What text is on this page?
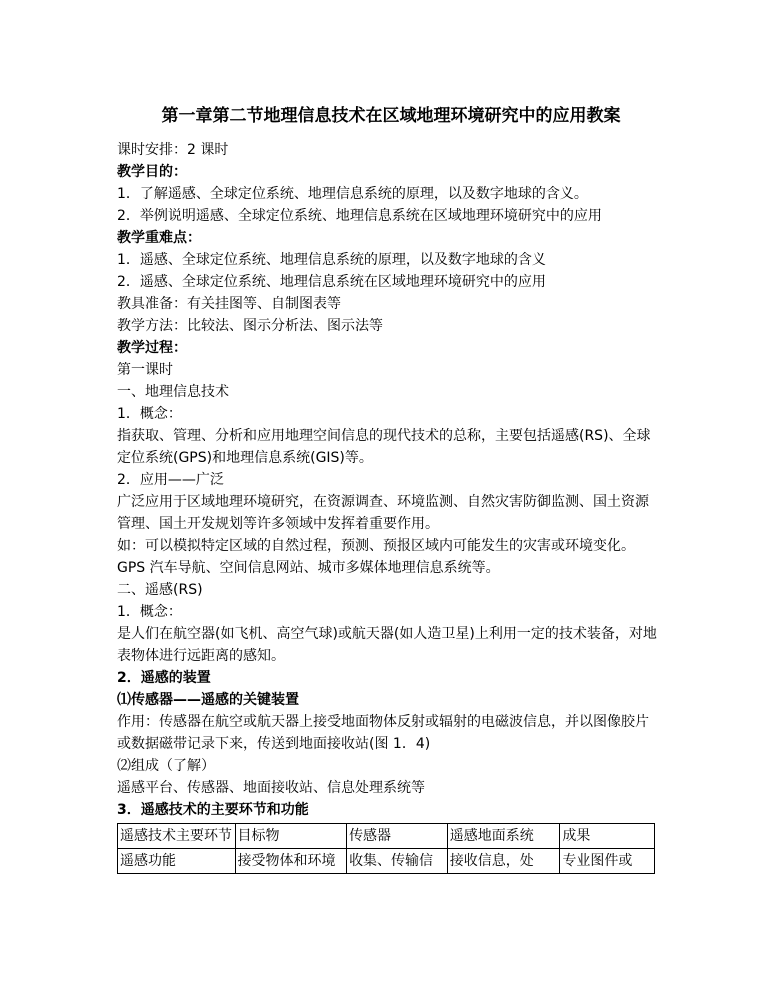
第一章第二节地理信息技术在区域地理环境研究中的应用教案
课时安排：2 课时
教学目的：
1．了解遥感、全球定位系统、地理信息系统的原理，以及数字地球的含义。
2．举例说明遥感、全球定位系统、地理信息系统在区域地理环境研究中的应用
教学重难点：
1．遥感、全球定位系统、地理信息系统的原理，以及数字地球的含义
2．遥感、全球定位系统、地理信息系统在区域地理环境研究中的应用
教具准备：有关挂图等、自制图表等
教学方法：比较法、图示分析法、图示法等
教学过程：
第一课时
一、地理信息技术
1．概念：
指获取、管理、分析和应用地理空间信息的现代技术的总称，主要包括遥感(RS)、全球定位系统(GPS)和地理信息系统(GIS)等。
2．应用——广泛
广泛应用于区域地理环境研究，在资源调查、环境监测、自然灾害防御监测、国土资源管理、国土开发规划等许多领域中发挥着重要作用。
如：可以模拟特定区域的自然过程，预测、预报区域内可能发生的灾害或环境变化。
GPS 汽车导航、空间信息网站、城市多媒体地理信息系统等。
二、遥感(RS)
1．概念：
是人们在航空器(如飞机、高空气球)或航天器(如人造卫星)上利用一定的技术装备，对地表物体进行远距离的感知。
2．遥感的装置
⑴传感器——遥感的关键装置
作用：传感器在航空或航天器上接受地面物体反射或辐射的电磁波信息，并以图像胶片或数据磁带记录下来，传送到地面接收站(图 1．4)
⑵组成（了解）
遥感平台、传感器、地面接收站、信息处理系统等
3．遥感技术的主要环节和功能
遥感技术主要环节	目标物	传感器	遥感地面系统	成果
遥感功能	接受物体和环境	收集、传输信	接收信息，处	专业图件或
